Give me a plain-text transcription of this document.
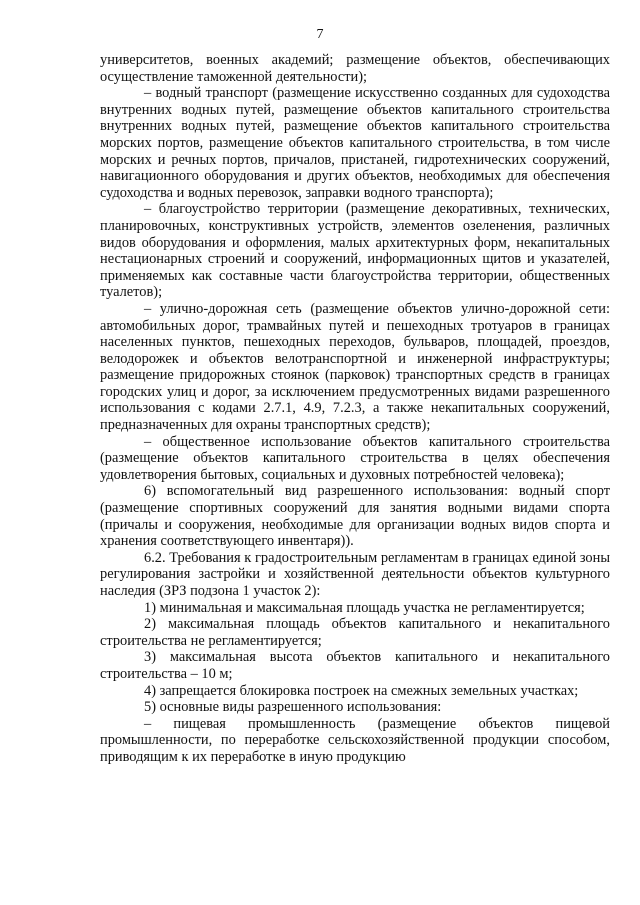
7

университетов, военных академий; размещение объектов, обеспечивающих осуществление таможенной деятельности);

– водный транспорт (размещение искусственно созданных для судоходства внутренних водных путей, размещение объектов капитального строительства внутренних водных путей, размещение объектов капитального строительства морских портов, размещение объектов капитального строительства, в том числе морских и речных портов, причалов, пристаней, гидротехнических сооружений, навигационного оборудования и других объектов, необходимых для обеспечения судоходства и водных перевозок, заправки водного транспорта);

– благоустройство территории (размещение декоративных, технических, планировочных, конструктивных устройств, элементов озеленения, различных видов оборудования и оформления, малых архитектурных форм, некапитальных нестационарных строений и сооружений, информационных щитов и указателей, применяемых как составные части благоустройства территории, общественных туалетов);

– улично-дорожная сеть (размещение объектов улично-дорожной сети: автомобильных дорог, трамвайных путей и пешеходных тротуаров в границах населенных пунктов, пешеходных переходов, бульваров, площадей, проездов, велодорожек и объектов велотранспортной и инженерной инфраструктуры; размещение придорожных стоянок (парковок) транспортных средств в границах городских улиц и дорог, за исключением предусмотренных видами разрешенного использования с кодами 2.7.1, 4.9, 7.2.3, а также некапитальных сооружений, предназначенных для охраны транспортных средств);

– общественное использование объектов капитального строительства (размещение объектов капитального строительства в целях обеспечения удовлетворения бытовых, социальных и духовных потребностей человека);

6) вспомогательный вид разрешенного использования: водный спорт (размещение спортивных сооружений для занятия водными видами спорта (причалы и сооружения, необходимые для организации водных видов спорта и хранения соответствующего инвентаря)).

6.2. Требования к градостроительным регламентам в границах единой зоны регулирования застройки и хозяйственной деятельности объектов культурного наследия (ЗРЗ подзона 1 участок 2):

1) минимальная и максимальная площадь участка не регламентируется;

2) максимальная площадь объектов капитального и некапитального строительства не регламентируется;

3) максимальная высота объектов капитального и некапитального строительства – 10 м;

4) запрещается блокировка построек на смежных земельных участках;

5) основные виды разрешенного использования:

– пищевая промышленность (размещение объектов пищевой промышленности, по переработке сельскохозяйственной продукции способом, приводящим к их переработке в иную продукцию
